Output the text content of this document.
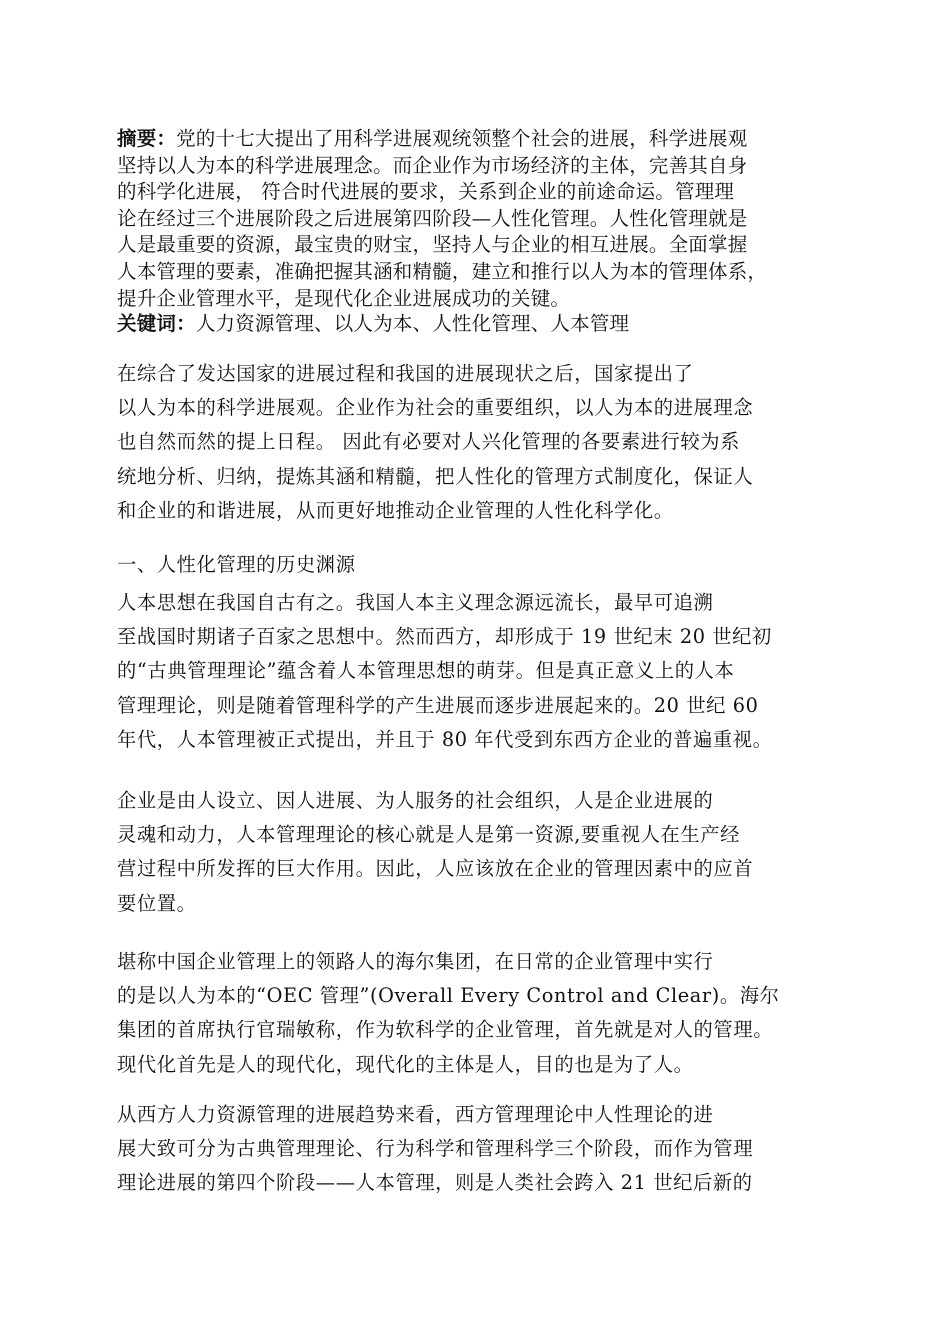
摘要：党的十七大提出了用科学进展观统领整个社会的进展，科学进展观
坚持以人为本的科学进展理念。而企业作为市场经济的主体，完善其自身
的科学化进展， 符合时代进展的要求，关系到企业的前途命运。管理理
论在经过三个进展阶段之后进展第四阶段—人性化管理。人性化管理就是
人是最重要的资源，最宝贵的财宝，坚持人与企业的相互进展。全面掌握
人本管理的要素，准确把握其涵和精髓，建立和推行以人为本的管理体系，
提升企业管理水平，是现代化企业进展成功的关键。
关键词：人力资源管理、以人为本、人性化管理、人本管理
在综合了发达国家的进展过程和我国的进展现状之后，国家提出了
以人为本的科学进展观。企业作为社会的重要组织，以人为本的进展理念
也自然而然的提上日程。 因此有必要对人兴化管理的各要素进行较为系
统地分析、归纳，提炼其涵和精髓，把人性化的管理方式制度化，保证人
和企业的和谐进展，从而更好地推动企业管理的人性化科学化。
一、人性化管理的历史渊源
人本思想在我国自古有之。我国人本主义理念源远流长，最早可追溯
至战国时期诸子百家之思想中。然而西方，却形成于 19 世纪末 20 世纪初
的“古典管理理论”蕴含着人本管理思想的萌芽。但是真正意义上的人本
管理理论，则是随着管理科学的产生进展而逐步进展起来的。20 世纪 60
年代，人本管理被正式提出，并且于 80 年代受到东西方企业的普遍重视。
企业是由人设立、因人进展、为人服务的社会组织，人是企业进展的
灵魂和动力，人本管理理论的核心就是人是第一资源,要重视人在生产经
营过程中所发挥的巨大作用。因此，人应该放在企业的管理因素中的应首
要位置。
堪称中国企业管理上的领路人的海尔集团，在日常的企业管理中实行
的是以人为本的“OEC 管理”(Overall Every Control and Clear)。海尔
集团的首席执行官瑞敏称，作为软科学的企业管理，首先就是对人的管理。
现代化首先是人的现代化，现代化的主体是人，目的也是为了人。
从西方人力资源管理的进展趋势来看，西方管理理论中人性理论的进
展大致可分为古典管理理论、行为科学和管理科学三个阶段，而作为管理
理论进展的第四个阶段——人本管理，则是人类社会跨入 21 世纪后新的
